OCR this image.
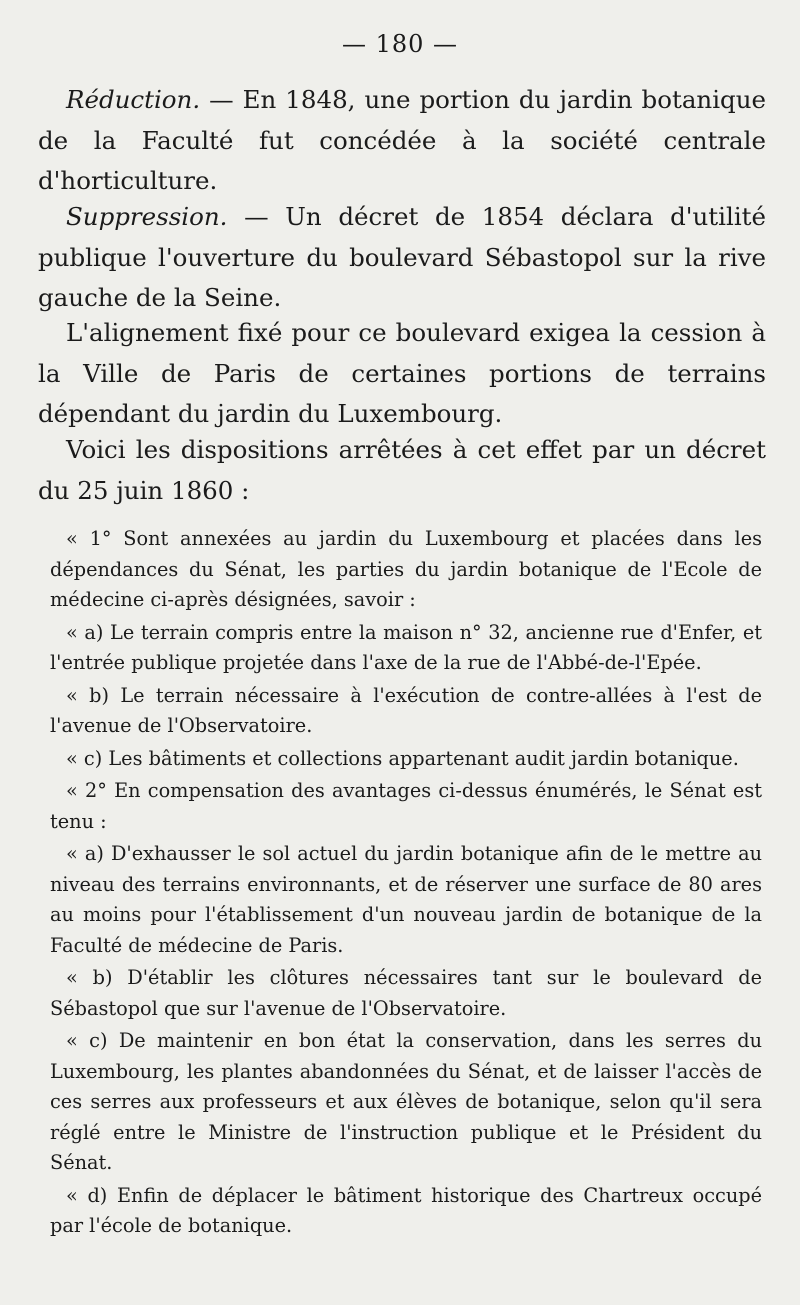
— 180 —

Réduction. — En 1848, une portion du jardin botanique de la Faculté fut concédée à la société centrale d'horticulture.

Suppression. — Un décret de 1854 déclara d'utilité publique l'ouverture du boulevard Sébastopol sur la rive gauche de la Seine.

L'alignement fixé pour ce boulevard exigea la cession à la Ville de Paris de certaines portions de terrains dépendant du jardin du Luxembourg.

Voici les dispositions arrêtées à cet effet par un décret du 25 juin 1860 :

« 1° Sont annexées au jardin du Luxembourg et placées dans les dépendances du Sénat, les parties du jardin botanique de l'Ecole de médecine ci-après désignées, savoir :

« a) Le terrain compris entre la maison n° 32, ancienne rue d'Enfer, et l'entrée publique projetée dans l'axe de la rue de l'Abbé-de-l'Epée.

« b) Le terrain nécessaire à l'exécution de contre-allées à l'est de l'avenue de l'Observatoire.

« c) Les bâtiments et collections appartenant audit jardin botanique.

« 2° En compensation des avantages ci-dessus énumérés, le Sénat est tenu :

« a) D'exhausser le sol actuel du jardin botanique afin de le mettre au niveau des terrains environnants, et de réserver une surface de 80 ares au moins pour l'établissement d'un nouveau jardin de botanique de la Faculté de médecine de Paris.

« b) D'établir les clôtures nécessaires tant sur le boulevard de Sébastopol que sur l'avenue de l'Observatoire.

« c) De maintenir en bon état la conservation, dans les serres du Luxembourg, les plantes abandonnées du Sénat, et de laisser l'accès de ces serres aux professeurs et aux élèves de botanique, selon qu'il sera réglé entre le Ministre de l'instruction publique et le Président du Sénat.

« d) Enfin de déplacer le bâtiment historique des Chartreux occupé par l'école de botanique.
